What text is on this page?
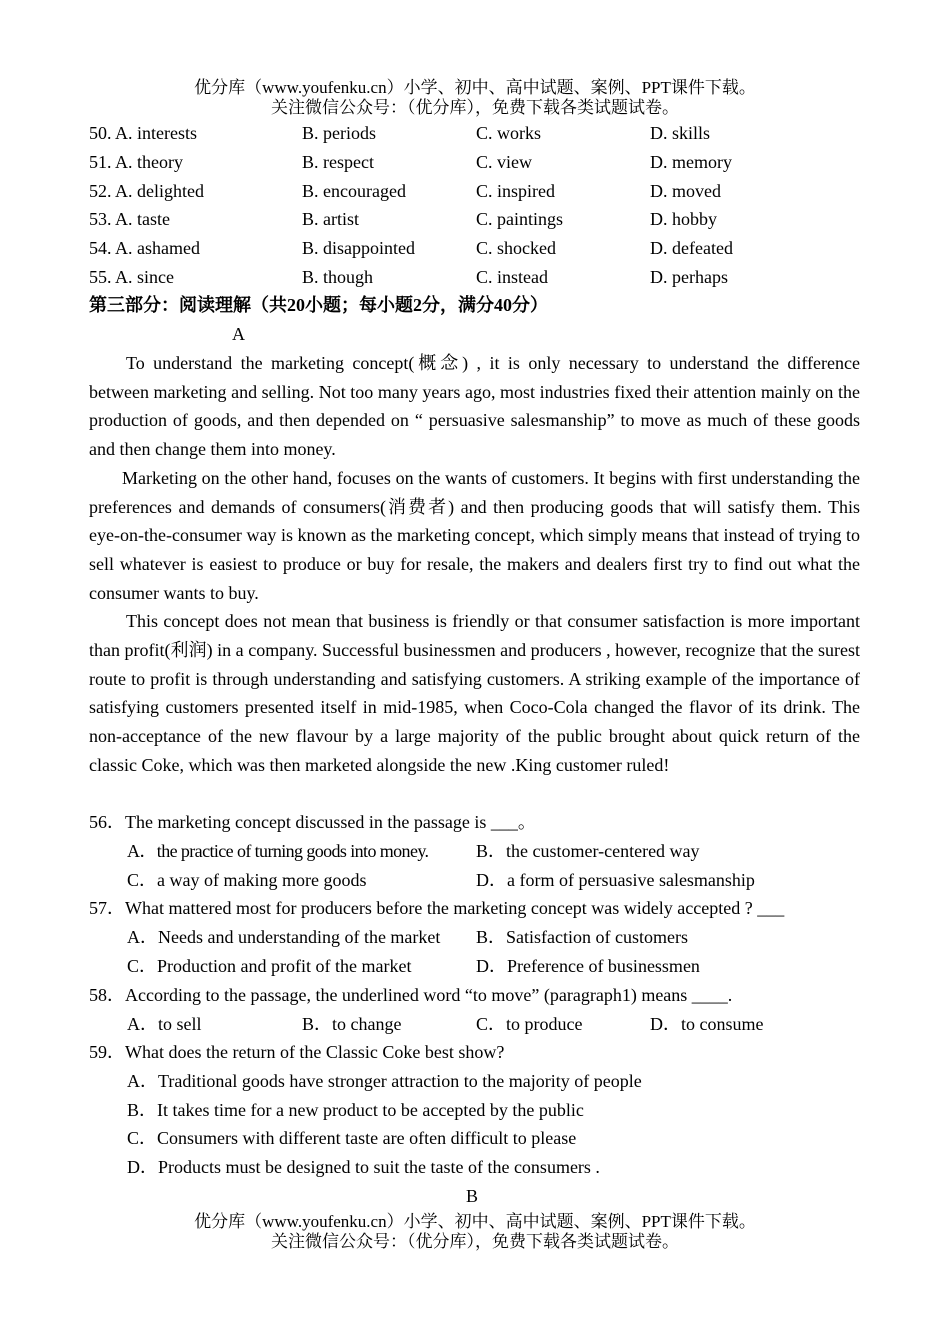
优分库（www.youfenku.cn）小学、初中、高中试题、案例、PPT课件下载。
关注微信公众号：（优分库），免费下载各类试题试卷。
50. A. interests	B. periods	C. works	D. skills
51. A. theory	B. respect	C. view	D. memory
52. A. delighted	B. encouraged	C. inspired	D. moved
53. A. taste	B. artist	C. paintings	D. hobby
54. A. ashamed	B. disappointed	C. shocked	D. defeated
55. A. since	B. though	C. instead	D. perhaps
第三部分：阅读理解（共20小题；每小题2分，满分40分）
A

To understand the marketing concept(概念) , it is only necessary to understand the difference between marketing and selling. Not too many years ago, most industries fixed their attention mainly on the production of goods, and then depended on “ persuasive salesmanship” to move as much of these goods and then change them into money.

Marketing on the other hand, focuses on the wants of customers. It begins with first understanding the preferences and demands of consumers(消费者) and then producing goods that will satisfy them. This eye-on-the-consumer way is known as the marketing concept, which simply means that instead of trying to sell whatever is easiest to produce or buy for resale, the makers and dealers first try to find out what the consumer wants to buy.

This concept does not mean that business is friendly or that consumer satisfaction is more important than profit(利润) in a company. Successful businessmen and producers , however, recognize that the surest route to profit is through understanding and satisfying customers. A striking example of the importance of satisfying customers presented itself in mid-1985, when Coco-Cola changed the flavor of its drink. The non-acceptance of the new flavour by a large majority of the public brought about quick return of the classic Coke, which was then marketed alongside the new .King customer ruled!

56．The marketing concept discussed in the passage is ___。
A．the practice of turning goods into money.	B．the customer-centered way
C．a way of making more goods	D．a form of persuasive salesmanship
57．What mattered most for producers before the marketing concept was widely accepted ? ___
A．Needs and understanding of the market B．Satisfaction of customers
C．Production and profit of the market	D．Preference of businessmen
58．According to the passage, the underlined word “to move” (paragraph1) means ____.
A．to sell	B．to change	C．to produce	D．to consume
59．What does the return of the Classic Coke best show?
A．Traditional goods have stronger attraction to the majority of people
B．It takes time for a new product to be accepted by the public
C．Consumers with different taste are often difficult to please
D．Products must be designed to suit the taste of the consumers .
B
优分库（www.youfenku.cn）小学、初中、高中试题、案例、PPT课件下载。
关注微信公众号：（优分库），免费下载各类试题试卷。
